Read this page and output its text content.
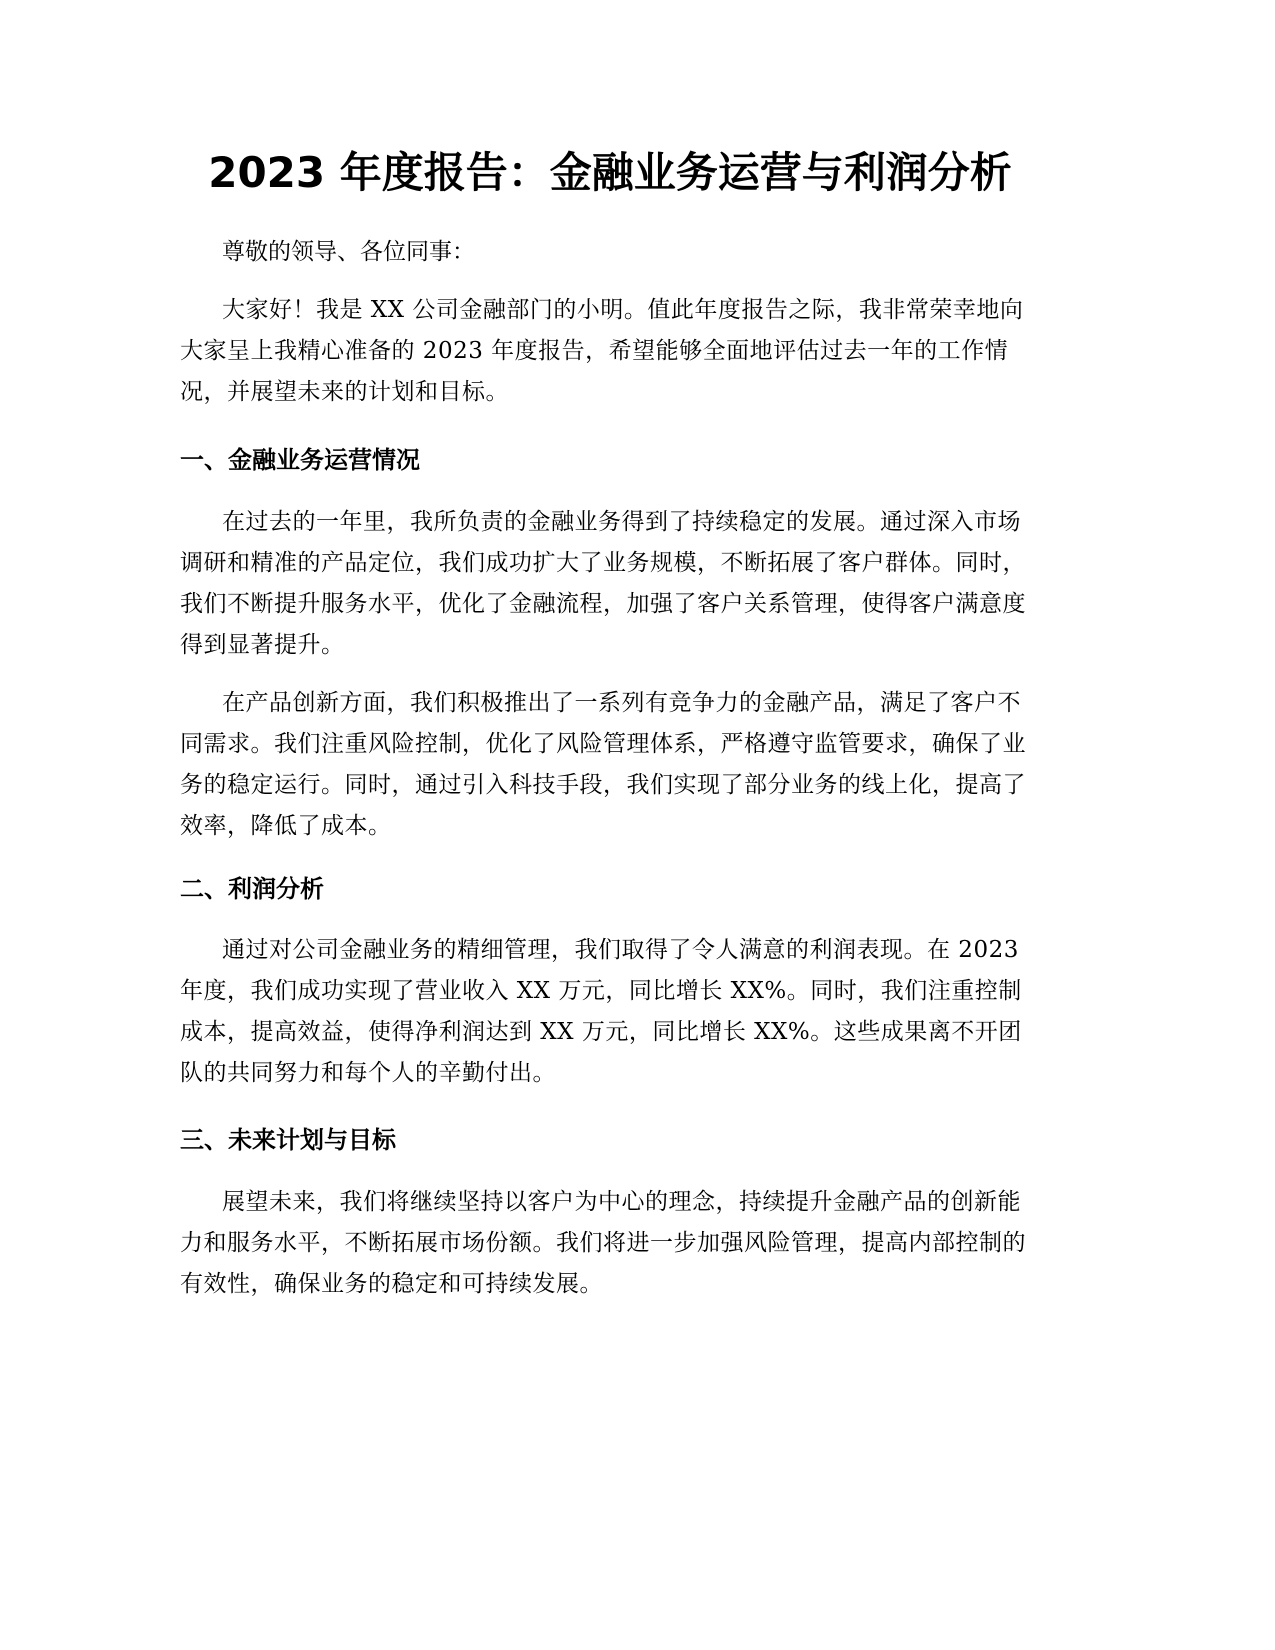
2023 年度报告：金融业务运营与利润分析

尊敬的领导、各位同事：

大家好！我是 XX 公司金融部门的小明。值此年度报告之际，我非常荣幸地向大家呈上我精心准备的 2023 年度报告，希望能够全面地评估过去一年的工作情况，并展望未来的计划和目标。

一、金融业务运营情况

在过去的一年里，我所负责的金融业务得到了持续稳定的发展。通过深入市场调研和精准的产品定位，我们成功扩大了业务规模，不断拓展了客户群体。同时，我们不断提升服务水平，优化了金融流程，加强了客户关系管理，使得客户满意度得到显著提升。

在产品创新方面，我们积极推出了一系列有竞争力的金融产品，满足了客户不同需求。我们注重风险控制，优化了风险管理体系，严格遵守监管要求，确保了业务的稳定运行。同时，通过引入科技手段，我们实现了部分业务的线上化，提高了效率，降低了成本。

二、利润分析

通过对公司金融业务的精细管理，我们取得了令人满意的利润表现。在 2023 年度，我们成功实现了营业收入 XX 万元，同比增长 XX%。同时，我们注重控制成本，提高效益，使得净利润达到 XX 万元，同比增长 XX%。这些成果离不开团队的共同努力和每个人的辛勤付出。

三、未来计划与目标

展望未来，我们将继续坚持以客户为中心的理念，持续提升金融产品的创新能力和服务水平，不断拓展市场份额。我们将进一步加强风险管理，提高内部控制的有效性，确保业务的稳定和可持续发展。
